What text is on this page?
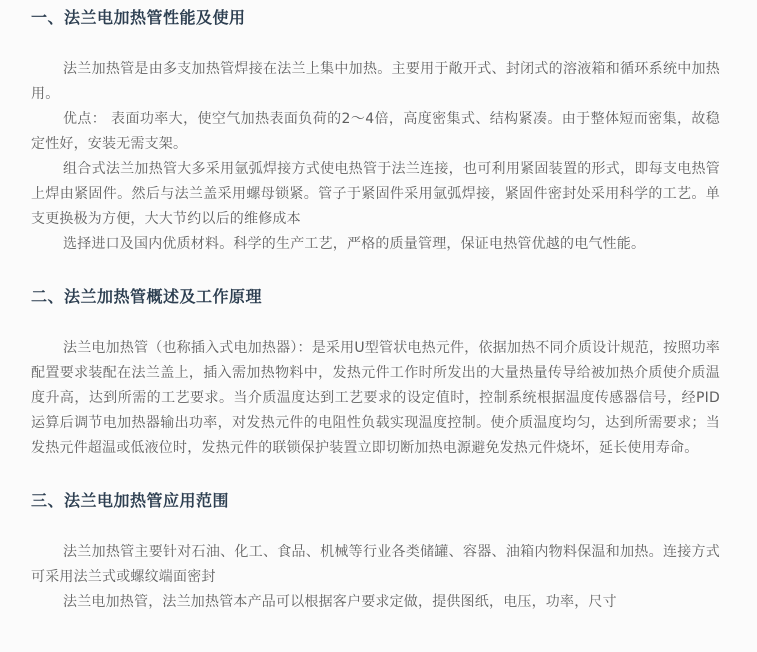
一、法兰电加热管性能及使用

法兰加热管是由多支加热管焊接在法兰上集中加热。主要用于敞开式、封闭式的溶液箱和循环系统中加热用。

优点： 表面功率大，使空气加热表面负荷的2～4倍，高度密集式、结构紧凑。由于整体短而密集，故稳定性好，安装无需支架。

组合式法兰加热管大多采用氩弧焊接方式使电热管于法兰连接，也可利用紧固装置的形式，即每支电热管上焊由紧固件。然后与法兰盖采用螺母锁紧。管子于紧固件采用氩弧焊接，紧固件密封处采用科学的工艺。单支更换极为方便，大大节约以后的维修成本

选择进口及国内优质材料。科学的生产工艺，严格的质量管理，保证电热管优越的电气性能。

二、法兰加热管概述及工作原理

法兰电加热管（也称插入式电加热器）：是采用U型管状电热元件，依据加热不同介质设计规范，按照功率配置要求装配在法兰盖上，插入需加热物料中，发热元件工作时所发出的大量热量传导给被加热介质使介质温度升高，达到所需的工艺要求。当介质温度达到工艺要求的设定值时，控制系统根据温度传感器信号，经PID运算后调节电加热器输出功率，对发热元件的电阻性负载实现温度控制。使介质温度均匀，达到所需要求；当发热元件超温或低液位时，发热元件的联锁保护装置立即切断加热电源避免发热元件烧坏，延长使用寿命。

三、法兰电加热管应用范围

法兰加热管主要针对石油、化工、食品、机械等行业各类储罐、容器、油箱内物料保温和加热。连接方式可采用法兰式或螺纹端面密封

法兰电加热管，法兰加热管本产品可以根据客户要求定做，提供图纸，电压，功率，尺寸
